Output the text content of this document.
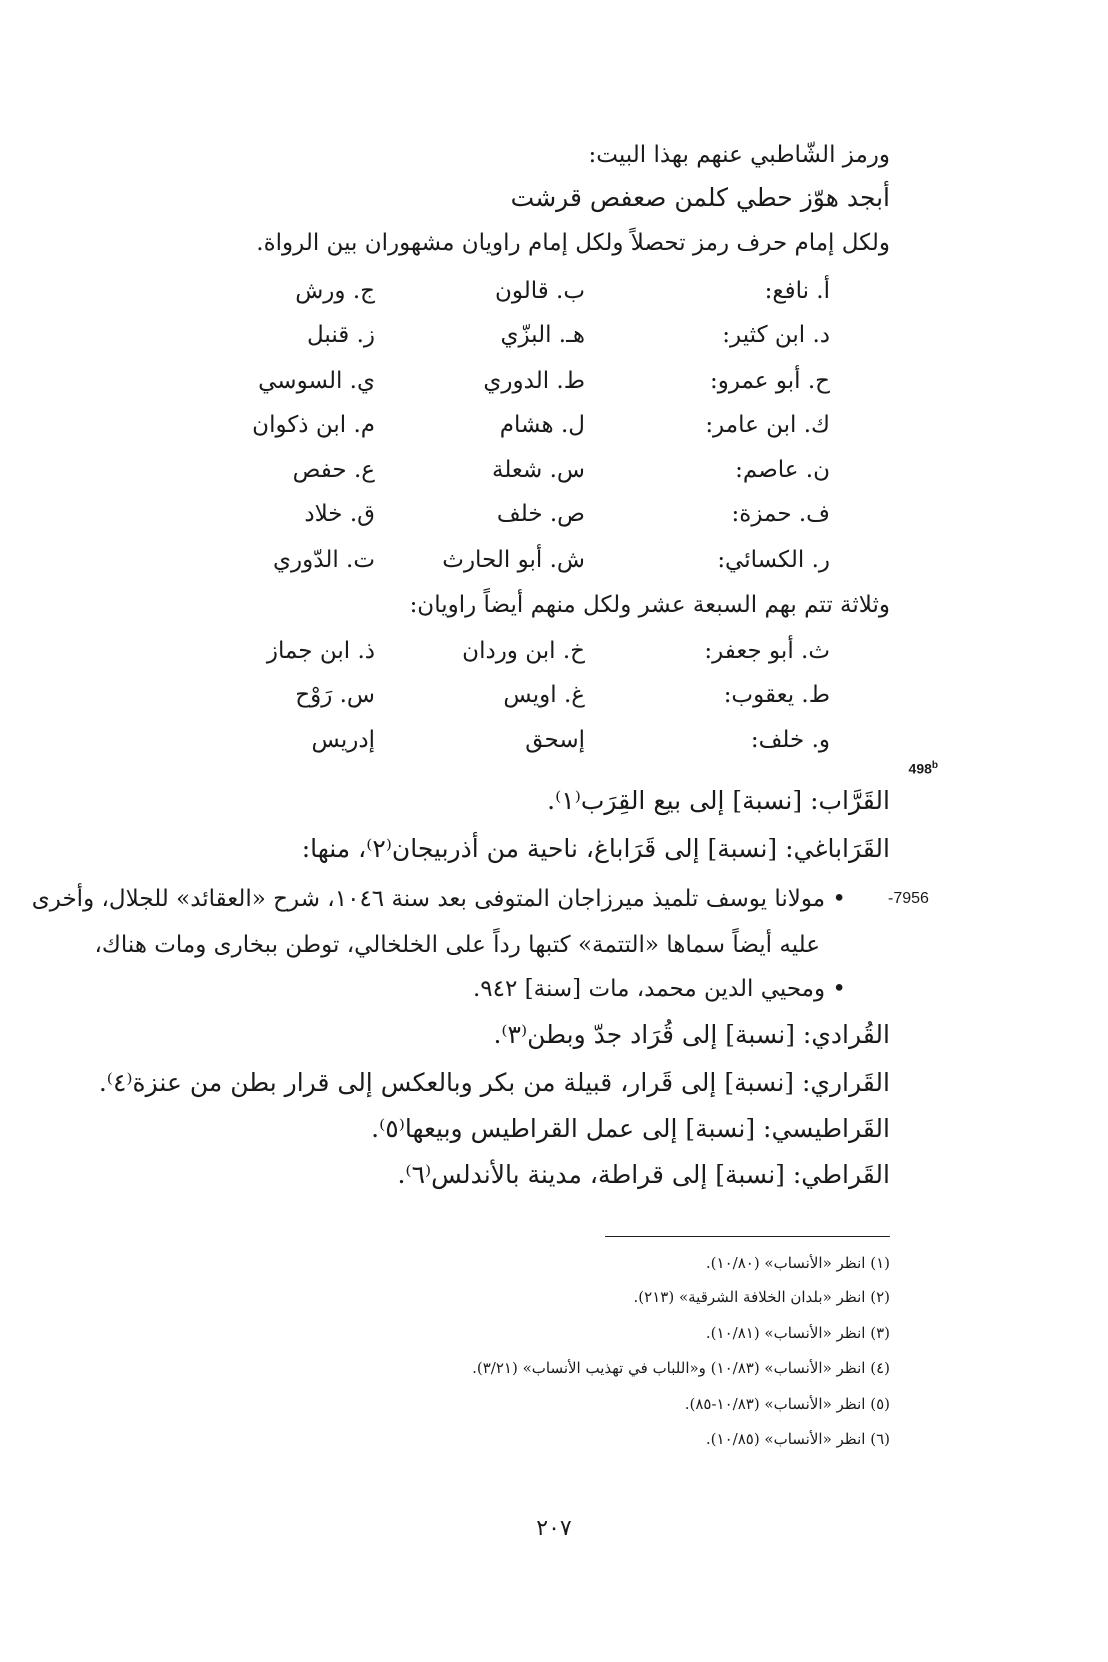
ورمز الشّاطبي عنهم بهذا البيت:
أبجد هوّز حطي كلمن صعفص قرشت
ولكل إمام حرف رمز تحصلاً ولكل إمام راويان مشهوران بين الرواة.
أ. نافع:
ب. قالون
ج. ورش
د. ابن كثير:
هـ. البزّي
ز. قنبل
ح. أبو عمرو:
ط. الدوري
ي. السوسي
ك. ابن عامر:
ل. هشام
م. ابن ذكوان
ن. عاصم:
س. شعلة
ع. حفص
ف. حمزة:
ص. خلف
ق. خلاد
ر. الكسائي:
ش. أبو الحارث
ت. الدّوري
وثلاثة تتم بهم السبعة عشر ولكل منهم أيضاً راويان:
ث. أبو جعفر:
خ. ابن وردان
ذ. ابن جماز
ط. يعقوب:
غ. اويس
س. رَوْح
و. خلف:
إسحق
إدريس
498$^b$
القَرَّاب: [نسبة] إلى بيع القِرَب⁽١⁾.
القَرَاباغي: [نسبة] إلى قَرَاباغ، ناحية من أذربيجان⁽٢⁾، منها:
-7956
• مولانا يوسف تلميذ ميرزاجان المتوفى بعد سنة ١٠٤٦، شرح «العقائد» للجلال، وأخرى
عليه أيضاً سماها «التتمة» كتبها رداً على الخلخالي، توطن ببخارى ومات هناك،
• ومحيي الدين محمد، مات [سنة] ٩٤٢.
القُرادي: [نسبة] إلى قُرَاد جدّ وبطن⁽٣⁾.
القَراري: [نسبة] إلى قَرار، قبيلة من بكر وبالعكس إلى قرار بطن من عنزة⁽٤⁾.
القَراطيسي: [نسبة] إلى عمل القراطيس وبيعها⁽٥⁾.
القَراطي: [نسبة] إلى قراطة، مدينة بالأندلس⁽٦⁾.
(١) انظر «الأنساب» (١٠/٨٠).
(٢) انظر «بلدان الخلافة الشرقية» (٢١٣).
(٣) انظر «الأنساب» (١٠/٨١).
(٤) انظر «الأنساب» (١٠/٨٣) و«اللباب في تهذيب الأنساب» (٣/٢١).
(٥) انظر «الأنساب» (١٠/٨٣-٨٥).
(٦) انظر «الأنساب» (١٠/٨٥).
٢٠٧
